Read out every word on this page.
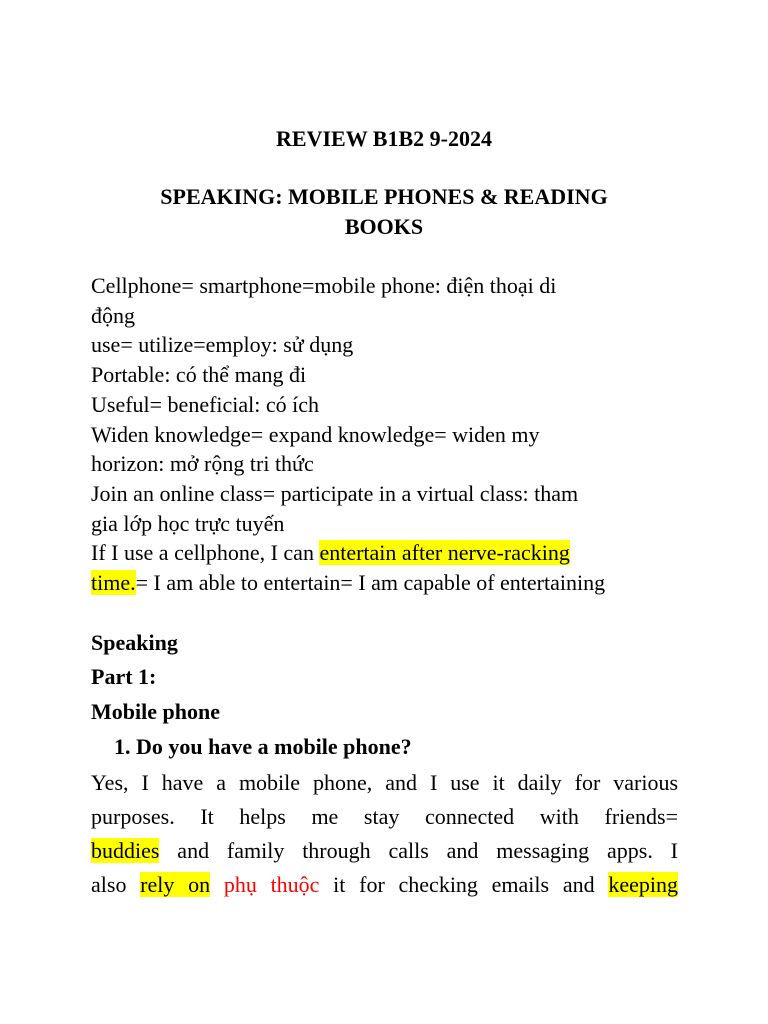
REVIEW B1B2 9-2024
SPEAKING: MOBILE PHONES & READING
BOOKS

Cellphone= smartphone=mobile phone: điện thoại di

động

use= utilize=employ: sử dụng

Portable: có thể mang đi

Useful= beneficial: có ích

Widen knowledge= expand knowledge= widen my

horizon: mở rộng tri thức

Join an online class= participate in a virtual class: tham

gia lớp học trực tuyến

If I use a cellphone, I can entertain after nerve-racking

time.= I am able to entertain= I am capable of entertaining

Speaking
Part 1:
Mobile phone
1. Do you have a mobile phone?
Yes, I have a mobile phone, and I use it daily for various
purposes. It helps me stay connected with friends=
buddies and family through calls and messaging apps. I
also rely on phụ thuộc it for checking emails and keeping
